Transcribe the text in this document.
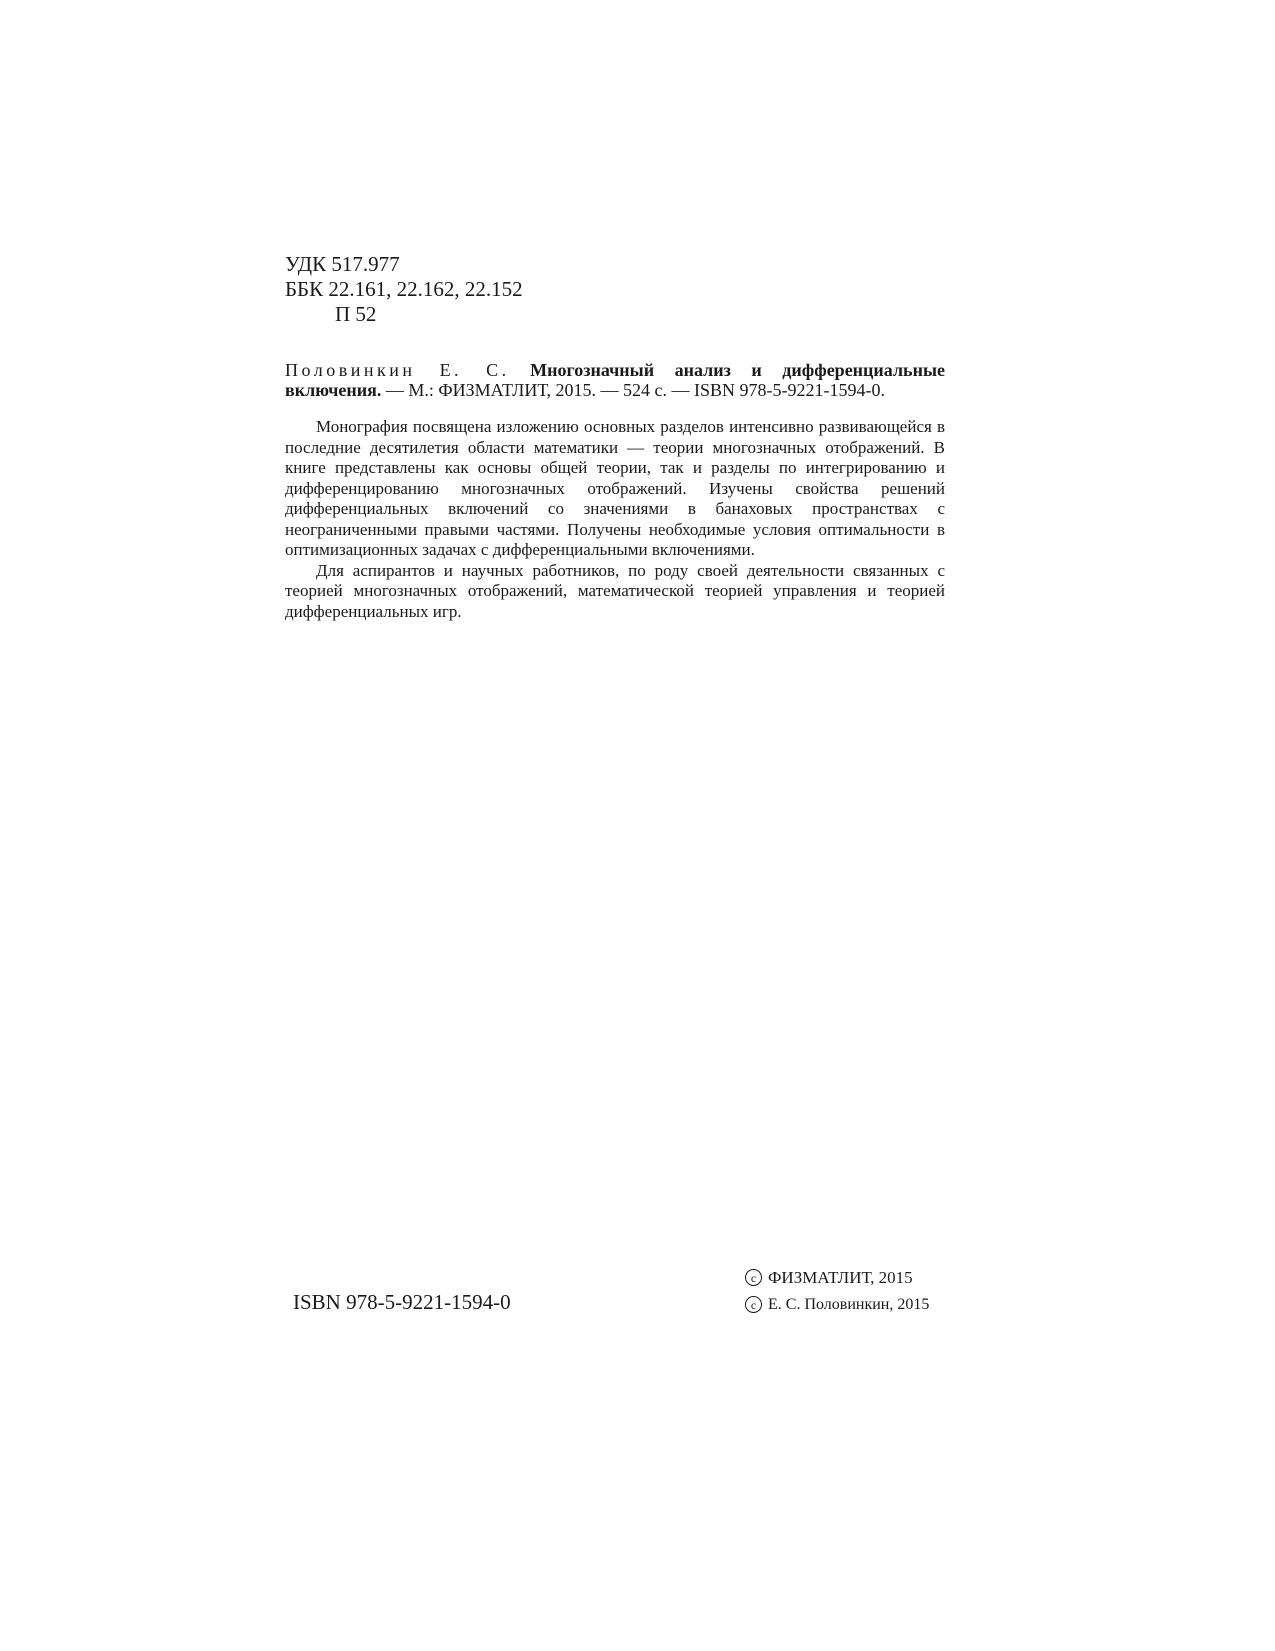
УДК 517.977
ББК 22.161, 22.162, 22.152
П 52
Половинкин Е. С. Многозначный анализ и дифференциальные включения. — М.: ФИЗМАТЛИТ, 2015. — 524 с. — ISBN 978-5-9221-1594-0.

Монография посвящена изложению основных разделов интенсивно развивающейся в последние десятилетия области математики — теории многозначных отображений. В книге представлены как основы общей теории, так и разделы по интегрированию и дифференцированию многозначных отображений. Изучены свойства решений дифференциальных включений со значениями в банаховых пространствах с неограниченными правыми частями. Получены необходимые условия оптимальности в оптимизационных задачах с дифференциальными включениями.

Для аспирантов и научных работников, по роду своей деятельности связанных с теорией многозначных отображений, математической теорией управления и теорией дифференциальных игр.

ISBN 978-5-9221-1594-0
c ФИЗМАТЛИТ, 2015
c Е. С. Половинкин, 2015
